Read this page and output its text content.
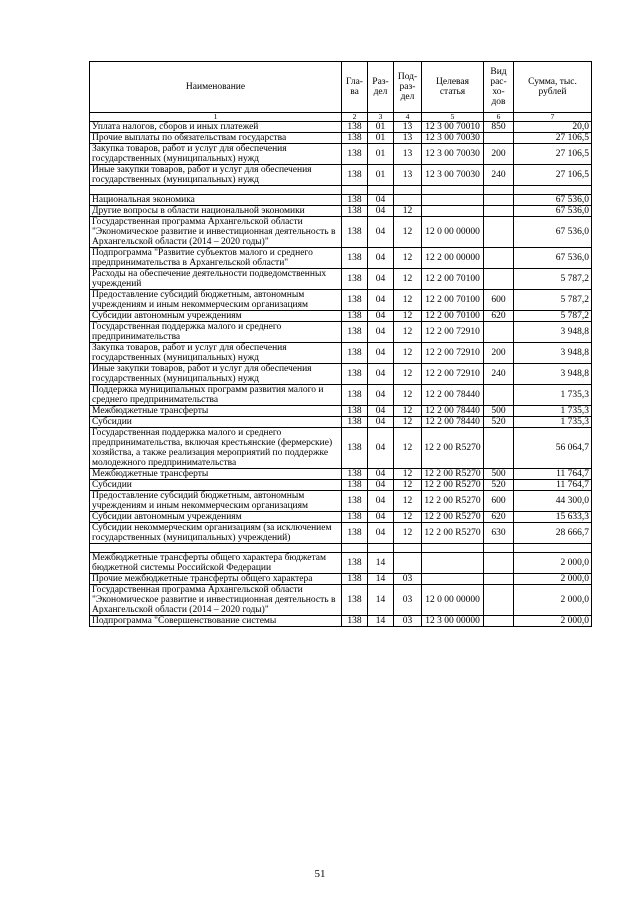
Наименование	Гла-ва	Раз-дел	Под-раз-дел	Целевая статья	Вид рас-хо-дов	Сумма, тыс. рублей
1	2	3	4	5	6	7
Уплата налогов, сборов и иных платежей	138	01	13	12 3 00 70010	850	20,0
Прочие выплаты по обязательствам государства	138	01	13	12 3 00 70030		27 106,5
Закупка товаров, работ и услуг для обеспечения государственных (муниципальных) нужд	138	01	13	12 3 00 70030	200	27 106,5
Иные закупки товаров, работ и услуг для обеспечения государственных (муниципальных) нужд	138	01	13	12 3 00 70030	240	27 106,5

Национальная экономика	138	04				67 536,0
Другие вопросы в области национальной экономики	138	04	12			67 536,0
Государственная программа Архангельской области "Экономическое развитие и инвестиционная деятельность в Архангельской области (2014 – 2020 годы)"	138	04	12	12 0 00 00000		67 536,0
Подпрограмма "Развитие субъектов малого и среднего предпринимательства в Архангельской области"	138	04	12	12 2 00 00000		67 536,0
Расходы на обеспечение деятельности подведомственных учреждений	138	04	12	12 2 00 70100		5 787,2
Предоставление субсидий бюджетным, автономным учреждениям и иным некоммерческим организациям	138	04	12	12 2 00 70100	600	5 787,2
Субсидии автономным учреждениям	138	04	12	12 2 00 70100	620	5 787,2
Государственная поддержка малого и среднего предпринимательства	138	04	12	12 2 00 72910		3 948,8
Закупка товаров, работ и услуг для обеспечения государственных (муниципальных) нужд	138	04	12	12 2 00 72910	200	3 948,8
Иные закупки товаров, работ и услуг для обеспечения государственных (муниципальных) нужд	138	04	12	12 2 00 72910	240	3 948,8
Поддержка муниципальных программ развития малого и среднего предпринимательства	138	04	12	12 2 00 78440		1 735,3
Межбюджетные трансферты	138	04	12	12 2 00 78440	500	1 735,3
Субсидии	138	04	12	12 2 00 78440	520	1 735,3
Государственная поддержка малого и среднего предпринимательства, включая крестьянские (фермерские) хозяйства, а также реализация мероприятий по поддержке молодежного предпринимательства	138	04	12	12 2 00 R5270		56 064,7
Межбюджетные трансферты	138	04	12	12 2 00 R5270	500	11 764,7
Субсидии	138	04	12	12 2 00 R5270	520	11 764,7
Предоставление субсидий бюджетным, автономным учреждениям и иным некоммерческим организациям	138	04	12	12 2 00 R5270	600	44 300,0
Субсидии автономным учреждениям	138	04	12	12 2 00 R5270	620	15 633,3
Субсидии некоммерческим организациям (за исключением государственных (муниципальных) учреждений)	138	04	12	12 2 00 R5270	630	28 666,7

Межбюджетные трансферты общего характера бюджетам бюджетной системы Российской Федерации	138	14				2 000,0
Прочие межбюджетные трансферты общего характера	138	14	03			2 000,0
Государственная программа Архангельской области "Экономическое развитие и инвестиционная деятельность в Архангельской области (2014 – 2020 годы)"	138	14	03	12 0 00 00000		2 000,0
Подпрограмма "Совершенствование системы	138	14	03	12 3 00 00000		2 000,0
51
